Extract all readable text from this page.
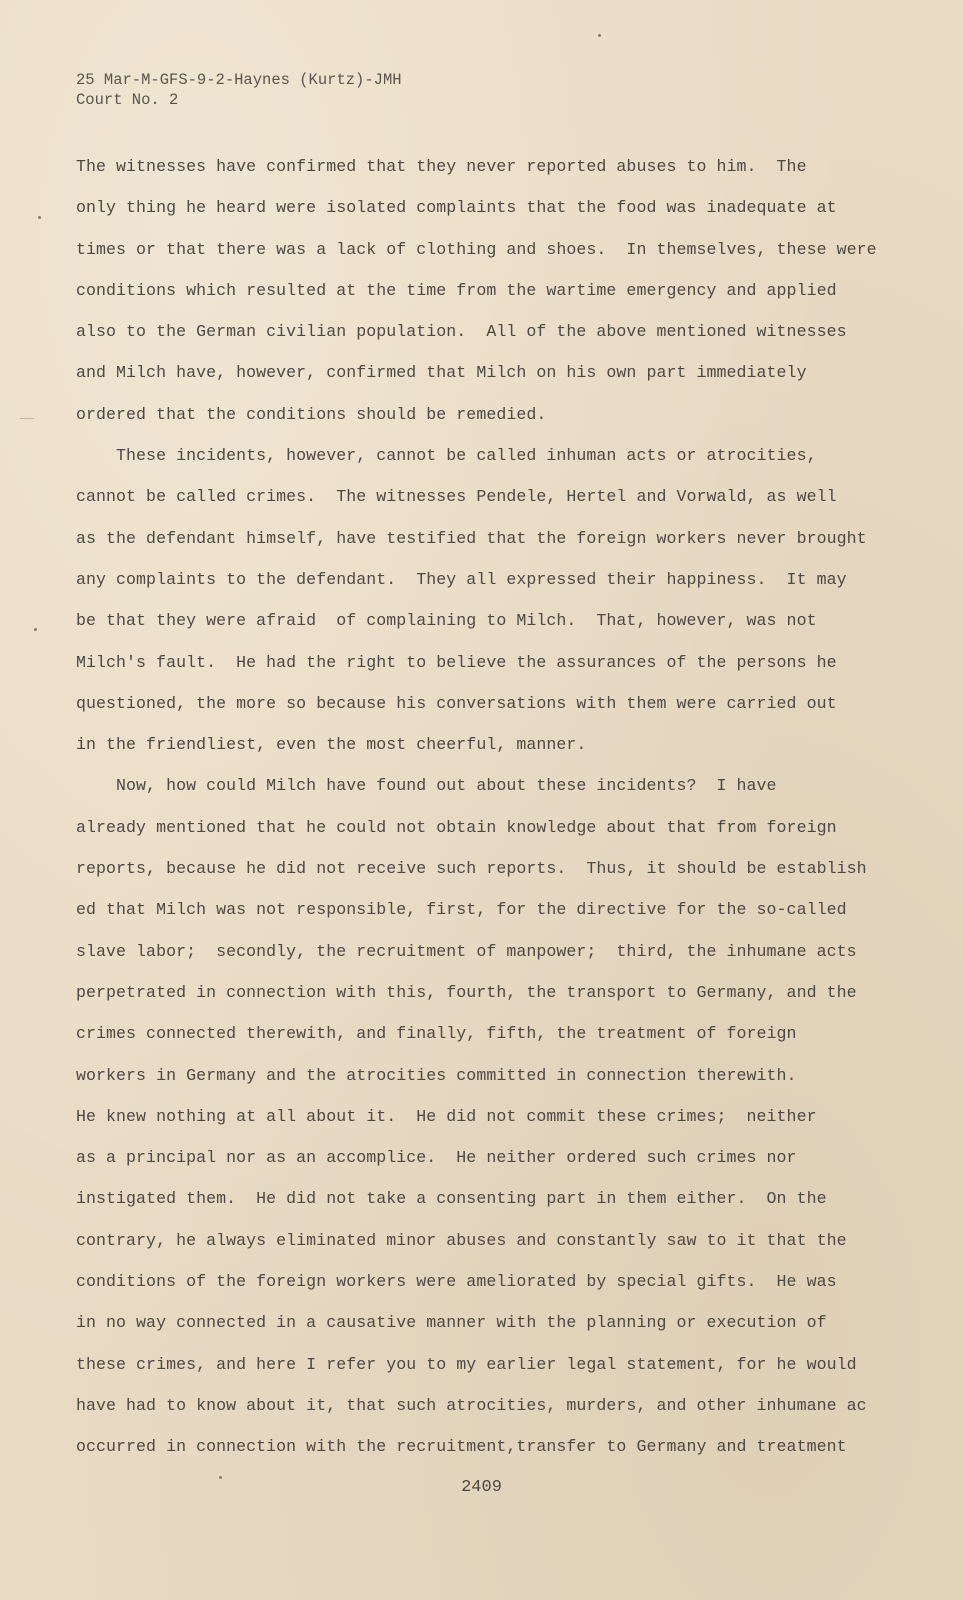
25 Mar-M-GFS-9-2-Haynes (Kurtz)-JMH
Court No. 2
The witnesses have confirmed that they never reported abuses to him.  The
only thing he heard were isolated complaints that the food was inadequate at
times or that there was a lack of clothing and shoes.  In themselves, these were
conditions which resulted at the time from the wartime emergency and applied
also to the German civilian population.  All of the above mentioned witnesses
and Milch have, however, confirmed that Milch on his own part immediately
ordered that the conditions should be remedied.
These incidents, however, cannot be called inhuman acts or atrocities,
cannot be called crimes.  The witnesses Pendele, Hertel and Vorwald, as well
as the defendant himself, have testified that the foreign workers never brought
any complaints to the defendant.  They all expressed their happiness.  It may
be that they were afraid  of complaining to Milch.  That, however, was not
Milch's fault.  He had the right to believe the assurances of the persons he
questioned, the more so because his conversations with them were carried out
in the friendliest, even the most cheerful, manner.
Now, how could Milch have found out about these incidents?  I have
already mentioned that he could not obtain knowledge about that from foreign
reports, because he did not receive such reports.  Thus, it should be establish
ed that Milch was not responsible, first, for the directive for the so-called
slave labor;  secondly, the recruitment of manpower;  third, the inhumane acts
perpetrated in connection with this, fourth, the transport to Germany, and the
crimes connected therewith, and finally, fifth, the treatment of foreign
workers in Germany and the atrocities committed in connection therewith.
He knew nothing at all about it.  He did not commit these crimes;  neither
as a principal nor as an accomplice.  He neither ordered such crimes nor
instigated them.  He did not take a consenting part in them either.  On the
contrary, he always eliminated minor abuses and constantly saw to it that the
conditions of the foreign workers were ameliorated by special gifts.  He was
in no way connected in a causative manner with the planning or execution of
these crimes, and here I refer you to my earlier legal statement, for he would
have had to know about it, that such atrocities, murders, and other inhumane ac
occurred in connection with the recruitment,transfer to Germany and treatment
2409
